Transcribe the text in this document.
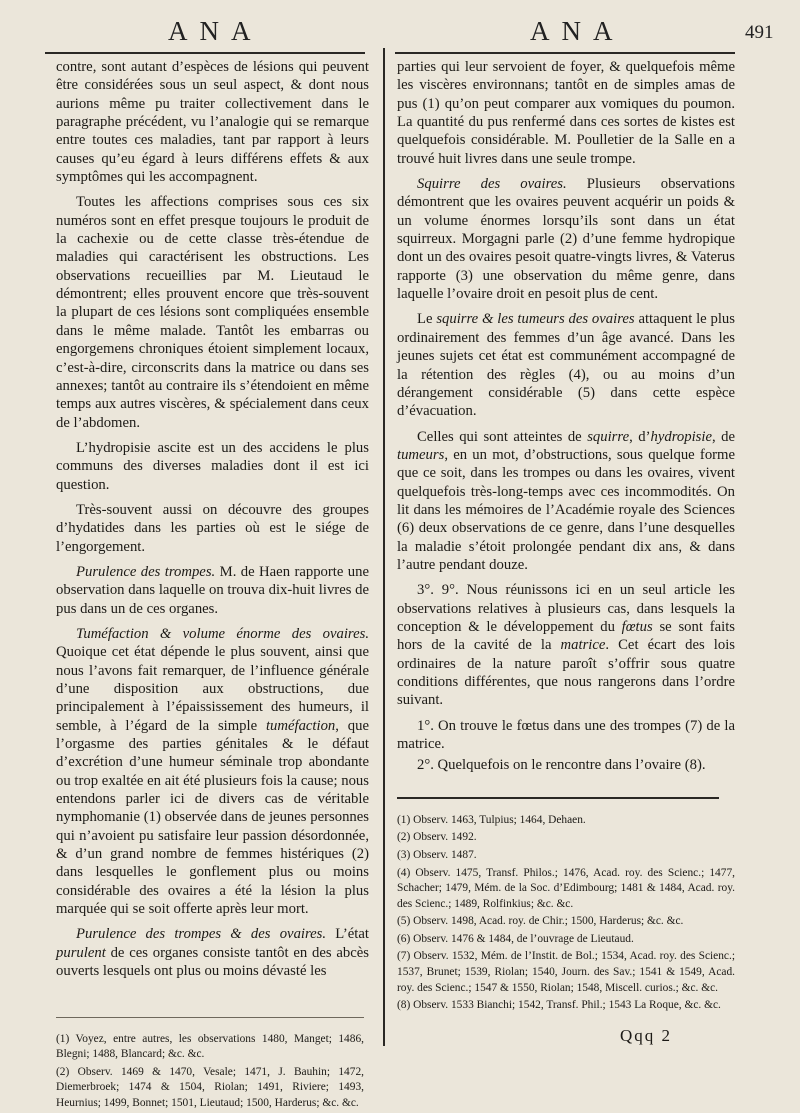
ANA	ANA	491

contre, sont autant d’espèces de lésions qui peuvent être considérées sous un seul aspect, & dont nous aurions même pu traiter collectivement dans le paragraphe précédent, vu l’analogie qui se remarque entre toutes ces maladies, tant par rapport à leurs causes qu’eu égard à leurs différens effets & aux symptômes qui les accompagnent.

Toutes les affections comprises sous ces six numéros sont en effet presque toujours le produit de la cachexie ou de cette classe très-étendue de maladies qui caractérisent les obstructions. Les observations recueillies par M. Lieutaud le démontrent; elles prouvent encore que très-souvent la plupart de ces lésions sont compliquées ensemble dans le même malade. Tantôt les embarras ou engorgemens chroniques étoient simplement locaux, c’est-à-dire, circonscrits dans la matrice ou dans ses annexes; tantôt au contraire ils s’étendoient en même temps aux autres viscères, & spécialement dans ceux de l’abdomen.

L’hydropisie ascite est un des accidens le plus communs des diverses maladies dont il est ici question.

Très-souvent aussi on découvre des groupes d’hydatides dans les parties où est le siége de l’engorgement.

Purulence des trompes. M. de Haen rapporte une observation dans laquelle on trouva dix-huit livres de pus dans un de ces organes.

Tuméfaction & volume énorme des ovaires. Quoique cet état dépende le plus souvent, ainsi que nous l’avons fait remarquer, de l’influence générale d’une disposition aux obstructions, due principalement à l’épaississement des humeurs, il semble, à l’égard de la simple tuméfaction, que l’orgasme des parties génitales & le défaut d’excrétion d’une humeur séminale trop abondante ou trop exaltée en ait été plusieurs fois la cause; nous entendons parler ici de divers cas de véritable nymphomanie (1) observée dans de jeunes personnes qui n’avoient pu satisfaire leur passion désordonnée, & d’un grand nombre de femmes histériques (2) dans lesquelles le gonflement plus ou moins considérable des ovaires a été la lésion la plus marquée qui se soit offerte après leur mort.

Purulence des trompes & des ovaires. L’état purulent de ces organes consiste tantôt en des abcès ouverts lesquels ont plus ou moins dévasté les

(1) Voyez, entre autres, les observations 1480, Manget; 1486, Blegni; 1488, Blancard; &c. &c.

(2) Observ. 1469 & 1470, Vesale; 1471, J. Bauhin; 1472, Diemerbroek; 1474 & 1504, Riolan; 1491, Riviere; 1493, Heurnius; 1499, Bonnet; 1501, Lieutaud; 1500, Harderus; &c. &c.

parties qui leur servoient de foyer, & quelquefois même les viscères environnans; tantôt en de simples amas de pus (1) qu’on peut comparer aux vomiques du poumon. La quantité du pus renfermé dans ces sortes de kistes est quelquefois considérable. M. Poulletier de la Salle en a trouvé huit livres dans une seule trompe.

Squirre des ovaires. Plusieurs observations démontrent que les ovaires peuvent acquérir un poids & un volume énormes lorsqu’ils sont dans un état squirreux. Morgagni parle (2) d’une femme hydropique dont un des ovaires pesoit quatre-vingts livres, & Vaterus rapporte (3) une observation du même genre, dans laquelle l’ovaire droit en pesoit plus de cent.

Le squirre & les tumeurs des ovaires attaquent le plus ordinairement des femmes d’un âge avancé. Dans les jeunes sujets cet état est communément accompagné de la rétention des règles (4), ou au moins d’un dérangement considérable (5) dans cette espèce d’évacuation.

Celles qui sont atteintes de squirre, d’hydropisie, de tumeurs, en un mot, d’obstructions, sous quelque forme que ce soit, dans les trompes ou dans les ovaires, vivent quelquefois très-long-temps avec ces incommodités. On lit dans les mémoires de l’Académie royale des Sciences (6) deux observations de ce genre, dans l’une desquelles la maladie s’étoit prolongée pendant dix ans, & dans l’autre pendant douze.

3°. 9°. Nous réunissons ici en un seul article les observations relatives à plusieurs cas, dans lesquels la conception & le développement du fœtus se sont faits hors de la cavité de la matrice. Cet écart des lois ordinaires de la nature paroît s’offrir sous quatre conditions différentes, que nous rangerons dans l’ordre suivant.

1°. On trouve le fœtus dans une des trompes (7) de la matrice.

2°. Quelquefois on le rencontre dans l’ovaire (8).

(1) Observ. 1463, Tulpius; 1464, Dehaen.

(2) Observ. 1492.

(3) Observ. 1487.

(4) Observ. 1475, Transf. Philos.; 1476, Acad. roy. des Scienc.; 1477, Schacher; 1479, Mém. de la Soc. d’Edimbourg; 1481 & 1484, Acad. roy. des Scienc.; 1489, Rolfinkius; &c. &c.

(5) Observ. 1498, Acad. roy. de Chir.; 1500, Harderus; &c. &c.

(6) Observ. 1476 & 1484, de l’ouvrage de Lieutaud.

(7) Observ. 1532, Mém. de l’Instit. de Bol.; 1534, Acad. roy. des Scienc.; 1537, Brunet; 1539, Riolan; 1540, Journ. des Sav.; 1541 & 1549, Acad. roy. des Scienc.; 1547 & 1550, Riolan; 1548, Miscell. curios.; &c. &c.

(8) Observ. 1533 Bianchi; 1542, Transf. Phil.; 1543 La Roque, &c. &c.

Qqq 2
